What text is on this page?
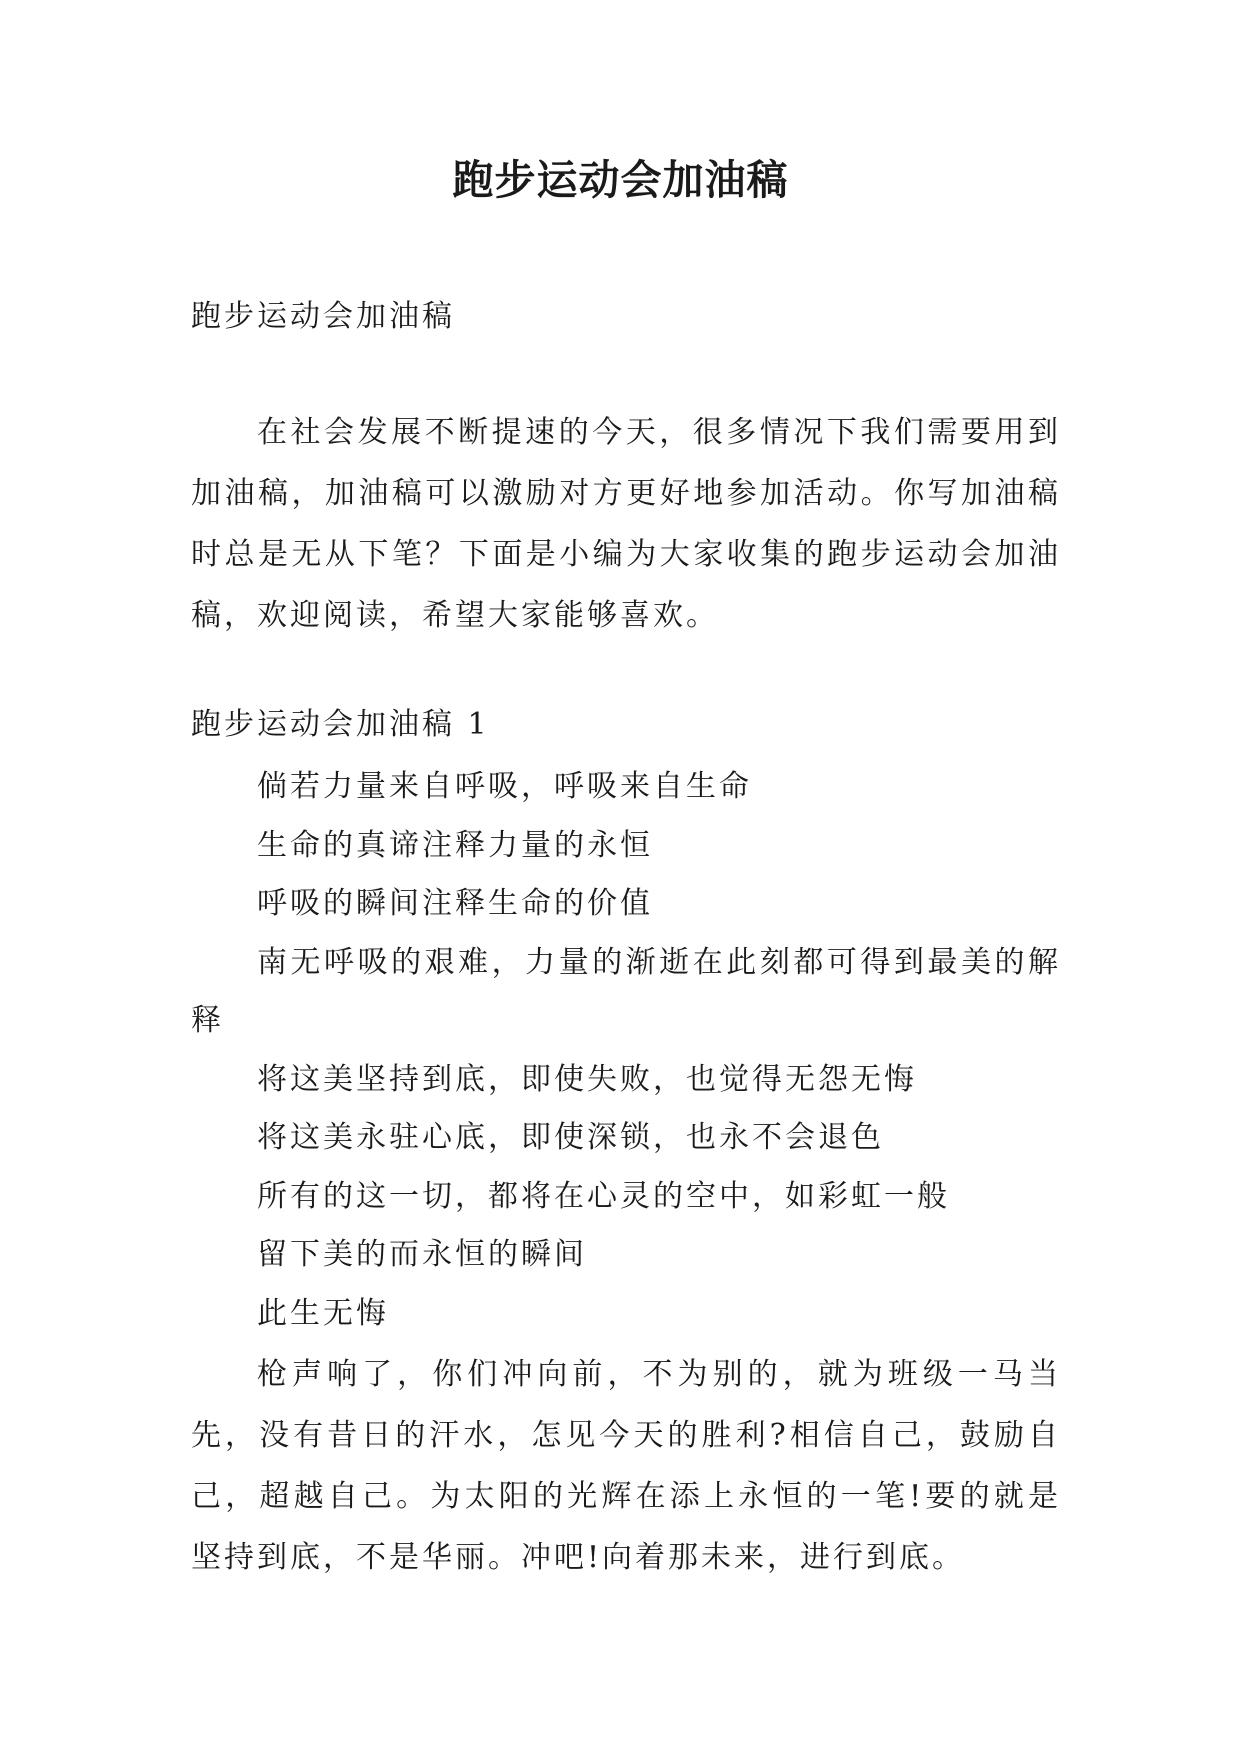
跑步运动会加油稿

跑步运动会加油稿

在社会发展不断提速的今天，很多情况下我们需要用到加油稿，加油稿可以激励对方更好地参加活动。你写加油稿时总是无从下笔？下面是小编为大家收集的跑步运动会加油稿，欢迎阅读，希望大家能够喜欢。

跑步运动会加油稿 1

倘若力量来自呼吸，呼吸来自生命
生命的真谛注释力量的永恒
呼吸的瞬间注释生命的价值
南无呼吸的艰难，力量的渐逝在此刻都可得到最美的解释
将这美坚持到底，即使失败，也觉得无怨无悔
将这美永驻心底，即使深锁，也永不会退色
所有的这一切，都将在心灵的空中，如彩虹一般
留下美的而永恒的瞬间
此生无悔

枪声响了，你们冲向前，不为别的，就为班级一马当先，没有昔日的汗水，怎见今天的胜利?相信自己，鼓励自己，超越自己。为太阳的光辉在添上永恒的一笔!要的就是坚持到底，不是华丽。冲吧!向着那未来，进行到底。
